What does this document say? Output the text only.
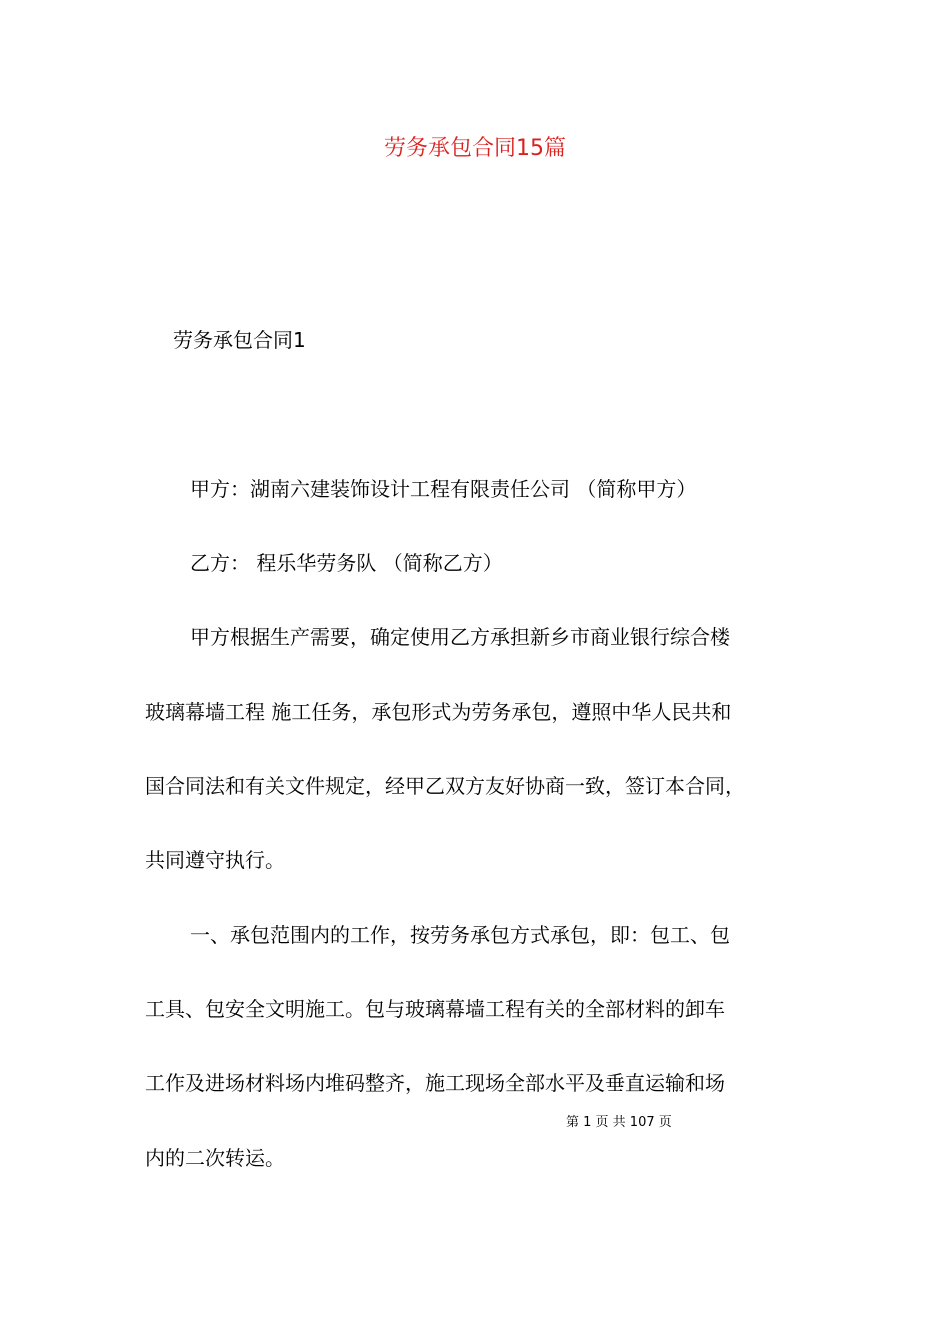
劳务承包合同15篇

劳务承包合同1

甲方：湖南六建装饰设计工程有限责任公司 （简称甲方）

乙方： 程乐华劳务队 （简称乙方）

甲方根据生产需要，确定使用乙方承担新乡市商业银行综合楼

玻璃幕墙工程 施工任务，承包形式为劳务承包，遵照中华人民共和

国合同法和有关文件规定，经甲乙双方友好协商一致，签订本合同，

共同遵守执行。

一、承包范围内的工作，按劳务承包方式承包，即：包工、包

工具、包安全文明施工。包与玻璃幕墙工程有关的全部材料的卸车

工作及进场材料场内堆码整齐，施工现场全部水平及垂直运输和场

内的二次转运。

第 1 页 共 107 页
